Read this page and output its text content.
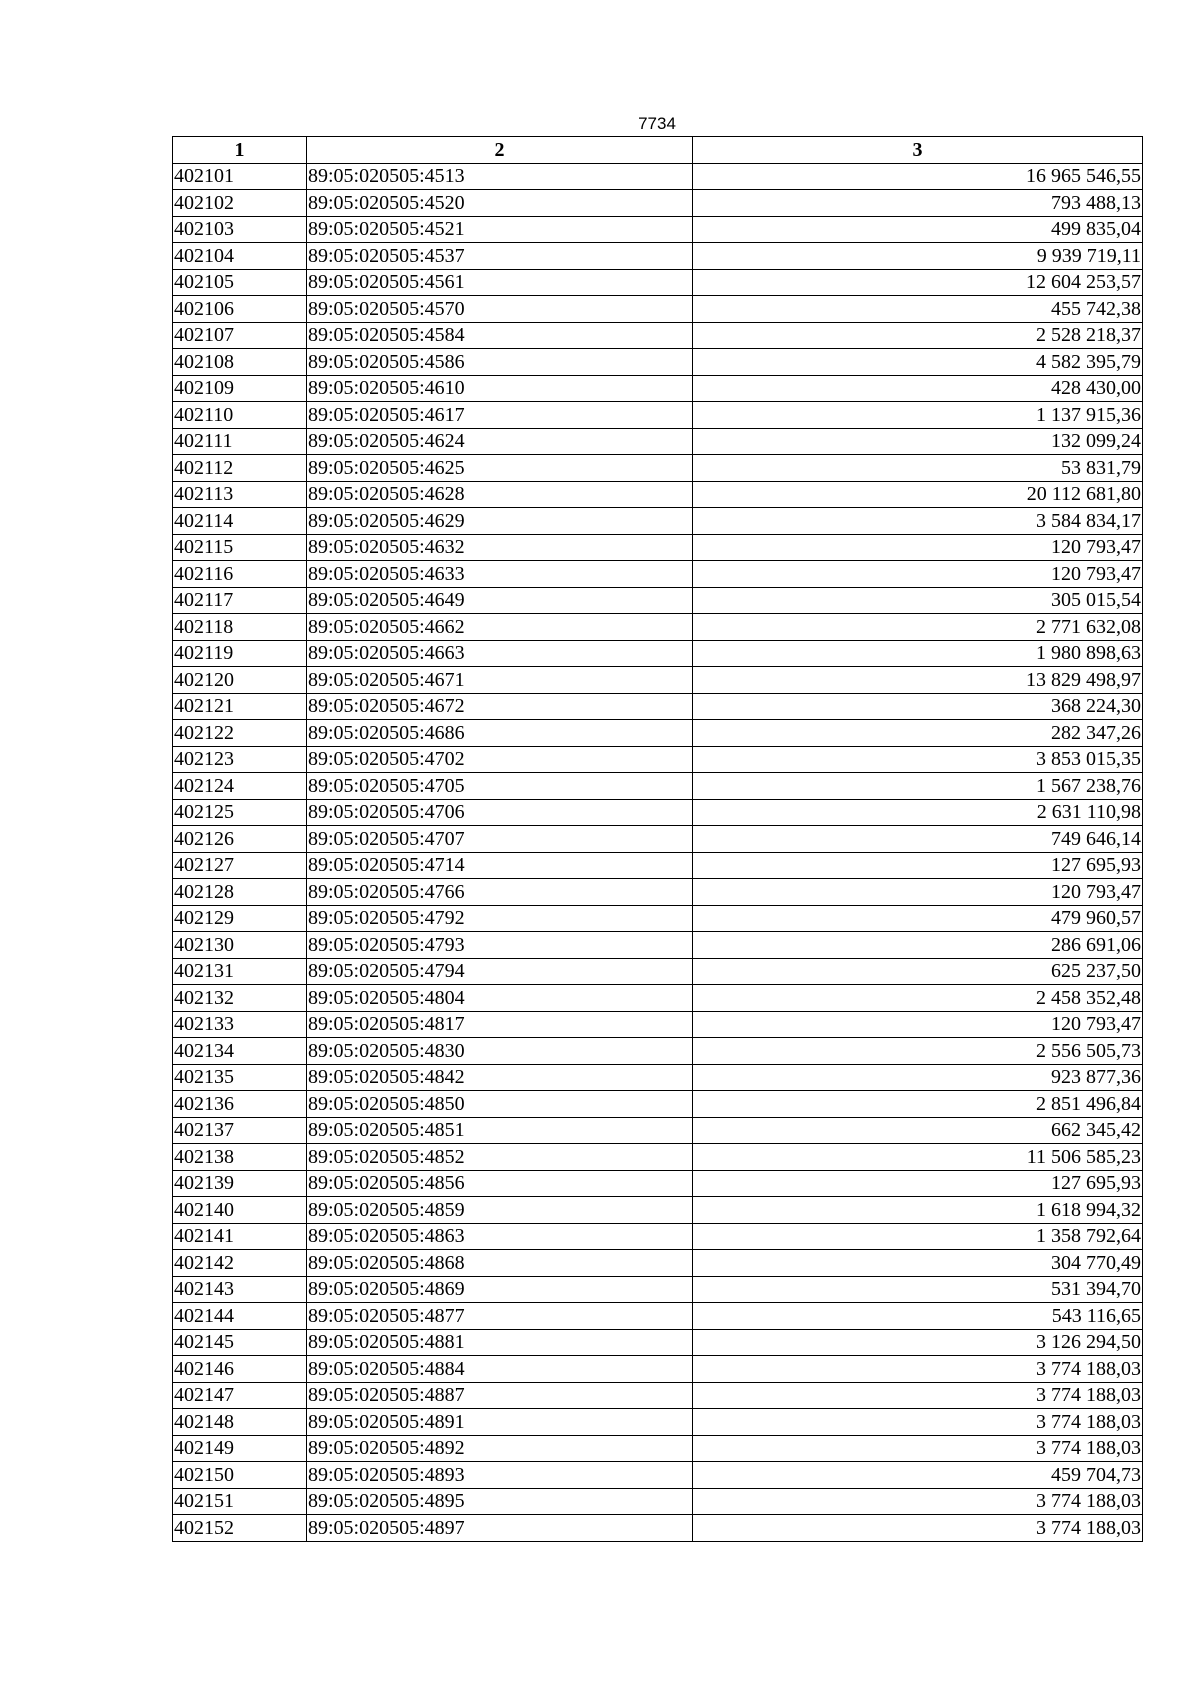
7734
1	2	3
402101	89:05:020505:4513	16 965 546,55
402102	89:05:020505:4520	793 488,13
402103	89:05:020505:4521	499 835,04
402104	89:05:020505:4537	9 939 719,11
402105	89:05:020505:4561	12 604 253,57
402106	89:05:020505:4570	455 742,38
402107	89:05:020505:4584	2 528 218,37
402108	89:05:020505:4586	4 582 395,79
402109	89:05:020505:4610	428 430,00
402110	89:05:020505:4617	1 137 915,36
402111	89:05:020505:4624	132 099,24
402112	89:05:020505:4625	53 831,79
402113	89:05:020505:4628	20 112 681,80
402114	89:05:020505:4629	3 584 834,17
402115	89:05:020505:4632	120 793,47
402116	89:05:020505:4633	120 793,47
402117	89:05:020505:4649	305 015,54
402118	89:05:020505:4662	2 771 632,08
402119	89:05:020505:4663	1 980 898,63
402120	89:05:020505:4671	13 829 498,97
402121	89:05:020505:4672	368 224,30
402122	89:05:020505:4686	282 347,26
402123	89:05:020505:4702	3 853 015,35
402124	89:05:020505:4705	1 567 238,76
402125	89:05:020505:4706	2 631 110,98
402126	89:05:020505:4707	749 646,14
402127	89:05:020505:4714	127 695,93
402128	89:05:020505:4766	120 793,47
402129	89:05:020505:4792	479 960,57
402130	89:05:020505:4793	286 691,06
402131	89:05:020505:4794	625 237,50
402132	89:05:020505:4804	2 458 352,48
402133	89:05:020505:4817	120 793,47
402134	89:05:020505:4830	2 556 505,73
402135	89:05:020505:4842	923 877,36
402136	89:05:020505:4850	2 851 496,84
402137	89:05:020505:4851	662 345,42
402138	89:05:020505:4852	11 506 585,23
402139	89:05:020505:4856	127 695,93
402140	89:05:020505:4859	1 618 994,32
402141	89:05:020505:4863	1 358 792,64
402142	89:05:020505:4868	304 770,49
402143	89:05:020505:4869	531 394,70
402144	89:05:020505:4877	543 116,65
402145	89:05:020505:4881	3 126 294,50
402146	89:05:020505:4884	3 774 188,03
402147	89:05:020505:4887	3 774 188,03
402148	89:05:020505:4891	3 774 188,03
402149	89:05:020505:4892	3 774 188,03
402150	89:05:020505:4893	459 704,73
402151	89:05:020505:4895	3 774 188,03
402152	89:05:020505:4897	3 774 188,03
